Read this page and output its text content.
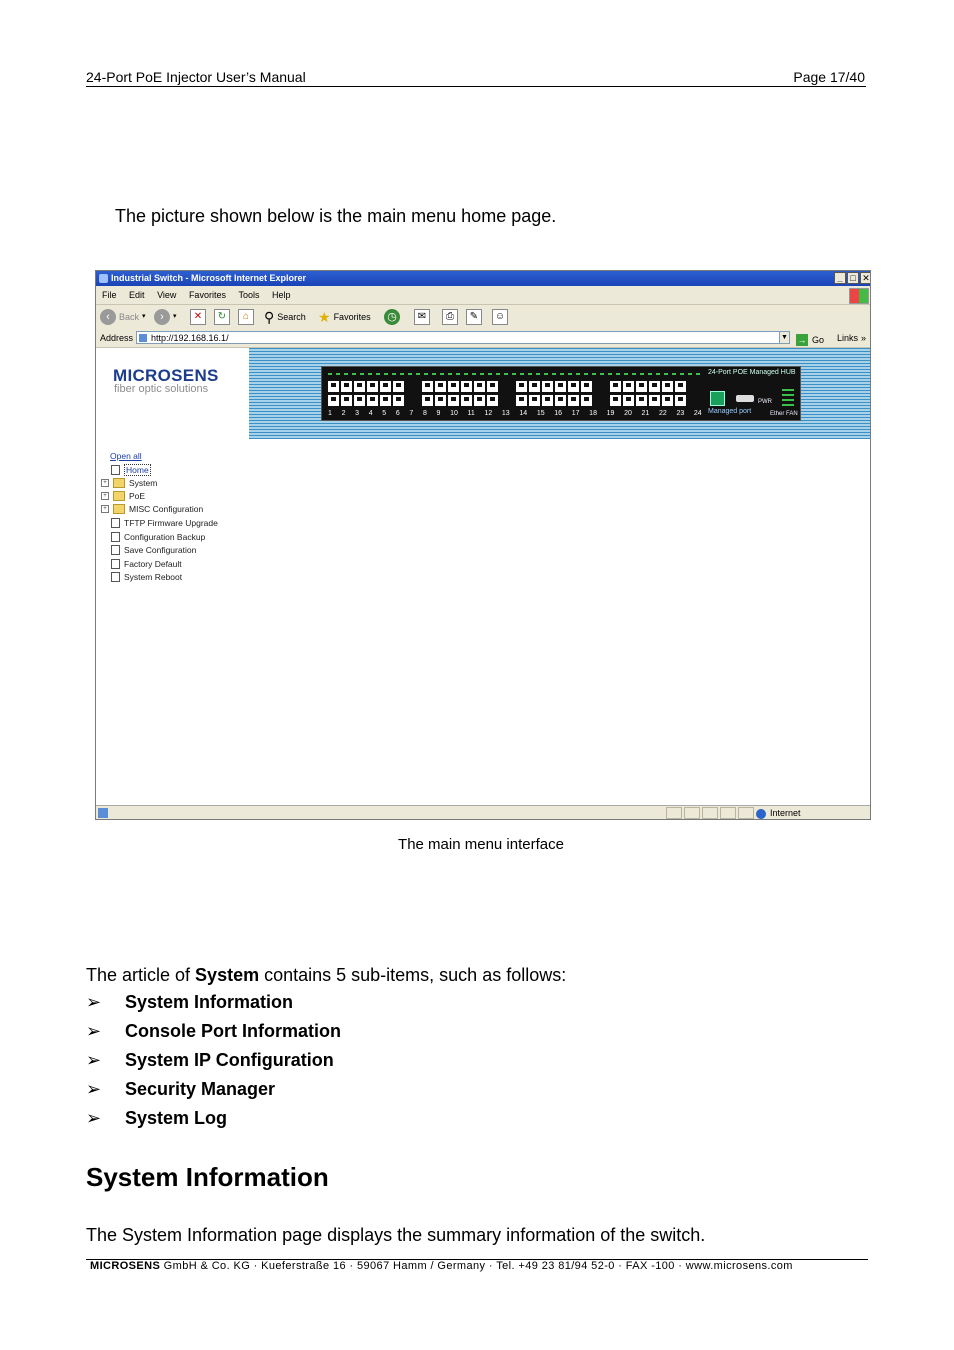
24-Port PoE Injector User’s Manual	Page 17/40
The picture shown below is the main menu home page.
Industrial Switch - Microsoft Internet Explorer	_ □ ✕
File Edit View Favorites Tools Help
‹	Back ▾	›	▾	✕	↻	⌂	⚲ Search ★ Favorites ◷	✉	⎙	✎	☺
Address	http://192.168.16.1/	▼ → Go Links »
MICROSENS
fiber optic solutions
1 2 3 4 5 6 7 8 9 10 11 12 13 14 15 16 17 18 19 20 21 22 23 24
24-Port POE Managed HUB
Managed port
PWR
Ether FAN
Open all
Home
+	System
+	PoE
+	MISC Configuration
TFTP Firmware Upgrade
Configuration Backup
Save Configuration
Factory Default
System Reboot
Internet
The main menu interface
The article of System contains 5 sub-items, such as follows:
➢ System Information
➢ Console Port Information
➢ System IP Configuration
➢ Security Manager
➢ System Log
System Information
The System Information page displays the summary information of the switch.
MICROSENS GmbH & Co. KG · Kueferstraße 16 · 59067 Hamm / Germany · Tel. +49 23 81/94 52-0 · FAX -100 · www.microsens.com
